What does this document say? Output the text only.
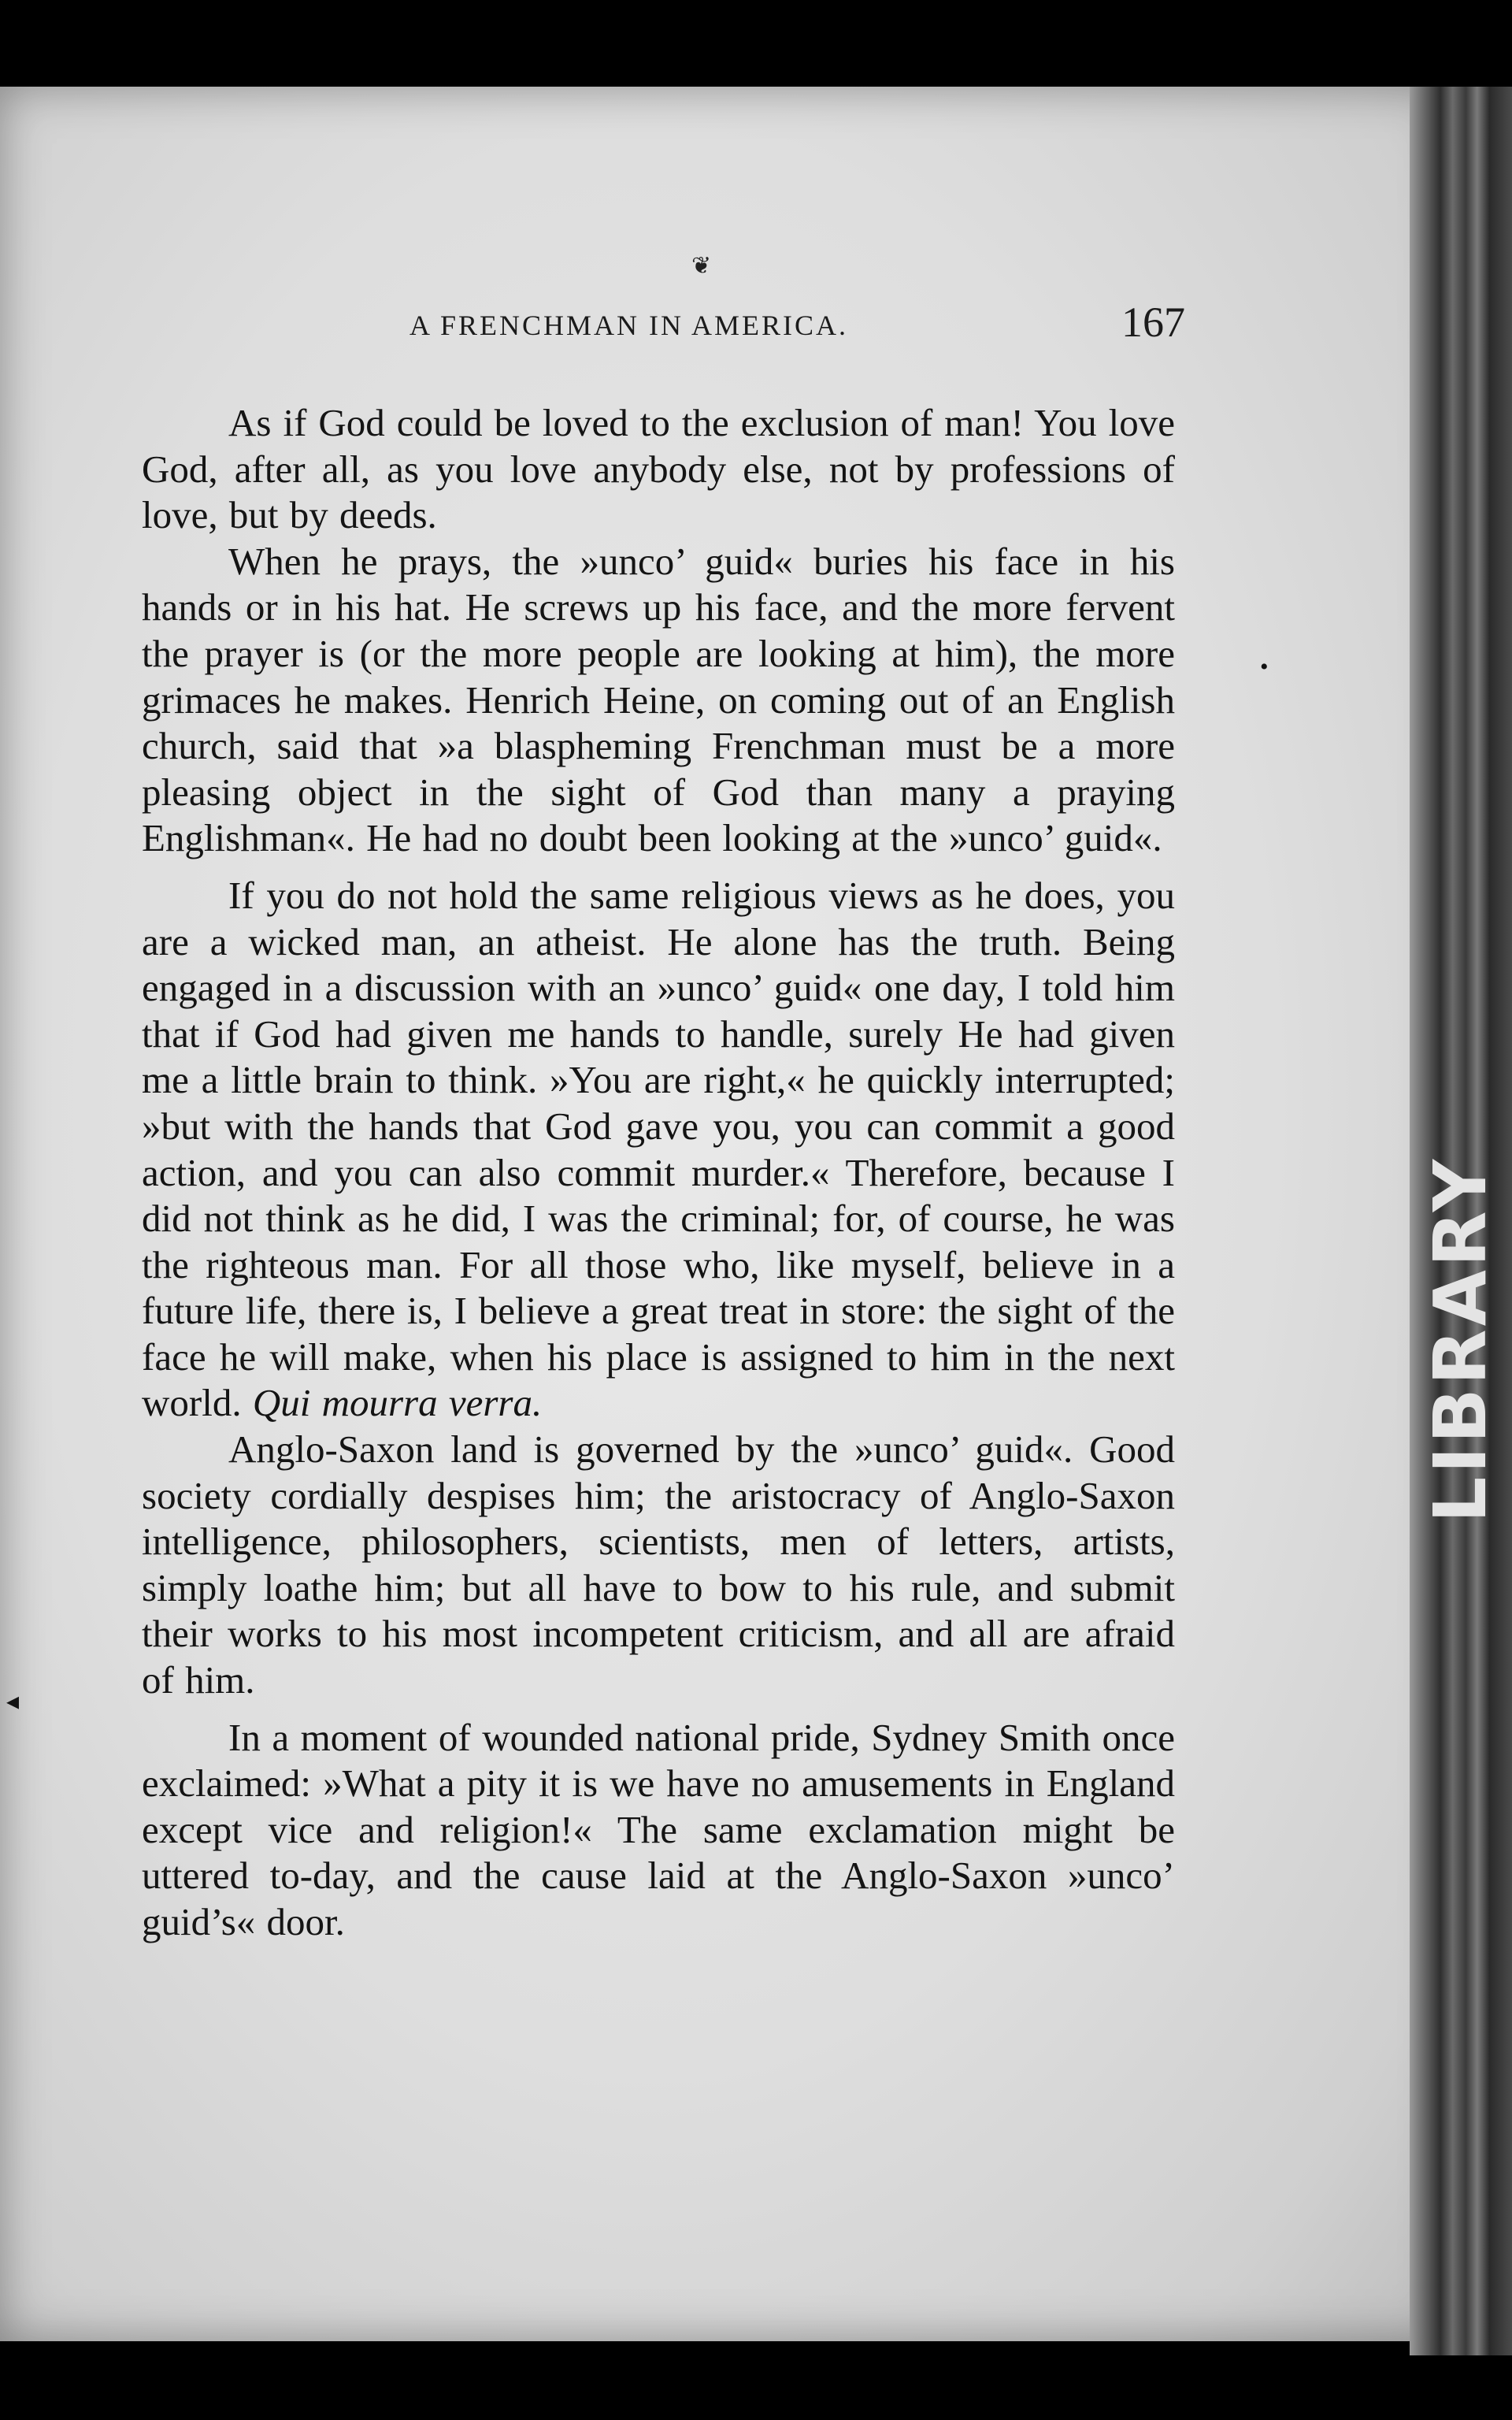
LIBRARY
❦
A FRENCHMAN IN AMERICA.	167

As if God could be loved to the exclusion of man! You love God, after all, as you love anybody else, not by professions of love, but by deeds.

When he prays, the »unco’ guid« buries his face in his hands or in his hat. He screws up his face, and the more fervent the prayer is (or the more people are looking at him), the more grimaces he makes. Henrich Heine, on coming out of an English church, said that »a blaspheming Frenchman must be a more pleasing object in the sight of God than many a praying Englishman«. He had no doubt been looking at the »unco’ guid«.

If you do not hold the same religious views as he does, you are a wicked man, an atheist. He alone has the truth. Being engaged in a discussion with an »unco’ guid« one day, I told him that if God had given me hands to handle, surely He had given me a little brain to think. »You are right,« he quickly interrupted; »but with the hands that God gave you, you can commit a good action, and you can also commit murder.« Therefore, because I did not think as he did, I was the criminal; for, of course, he was the righteous man. For all those who, like myself, believe in a future life, there is, I believe a great treat in store: the sight of the face he will make, when his place is assigned to him in the next world. Qui mourra verra.

Anglo-Saxon land is governed by the »unco’ guid«. Good society cordially despises him; the aristocracy of Anglo-Saxon intelligence, philosophers, scientists, men of letters, artists, simply loathe him; but all have to bow to his rule, and submit their works to his most incompetent criticism, and all are afraid of him.

In a moment of wounded national pride, Sydney Smith once exclaimed: »What a pity it is we have no amusements in England except vice and religion!« The same exclamation might be uttered to-day, and the cause laid at the Anglo-Saxon »unco’ guid’s« door.

◂
•
